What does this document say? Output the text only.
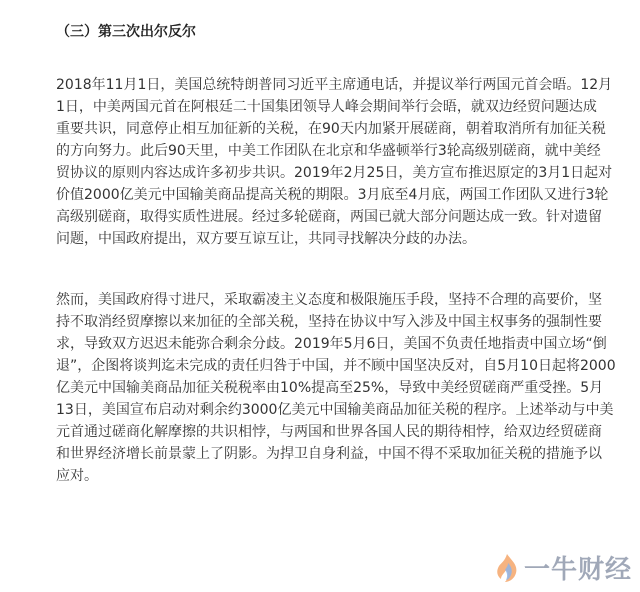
（三）第三次出尔反尔

2018年11月1日，美国总统特朗普同习近平主席通电话，并提议举行两国元首会晤。12月
1日，中美两国元首在阿根廷二十国集团领导人峰会期间举行会晤，就双边经贸问题达成
重要共识，同意停止相互加征新的关税，在90天内加紧开展磋商，朝着取消所有加征关税
的方向努力。此后90天里，中美工作团队在北京和华盛顿举行3轮高级别磋商，就中美经
贸协议的原则内容达成许多初步共识。2019年2月25日，美方宣布推迟原定的3月1日起对
价值2000亿美元中国输美商品提高关税的期限。3月底至4月底，两国工作团队又进行3轮
高级别磋商，取得实质性进展。经过多轮磋商，两国已就大部分问题达成一致。针对遗留
问题，中国政府提出，双方要互谅互让，共同寻找解决分歧的办法。

然而，美国政府得寸进尺，采取霸凌主义态度和极限施压手段，坚持不合理的高要价，坚
持不取消经贸摩擦以来加征的全部关税，坚持在协议中写入涉及中国主权事务的强制性要
求，导致双方迟迟未能弥合剩余分歧。2019年5月6日，美国不负责任地指责中国立场“倒
退”，企图将谈判迄未完成的责任归咎于中国，并不顾中国坚决反对，自5月10日起将2000
亿美元中国输美商品加征关税税率由10%提高至25%，导致中美经贸磋商严重受挫。5月
13日，美国宣布启动对剩余约3000亿美元中国输美商品加征关税的程序。上述举动与中美
元首通过磋商化解摩擦的共识相悖，与两国和世界各国人民的期待相悖，给双边经贸磋商
和世界经济增长前景蒙上了阴影。为捍卫自身利益，中国不得不采取加征关税的措施予以
应对。

一牛财经
